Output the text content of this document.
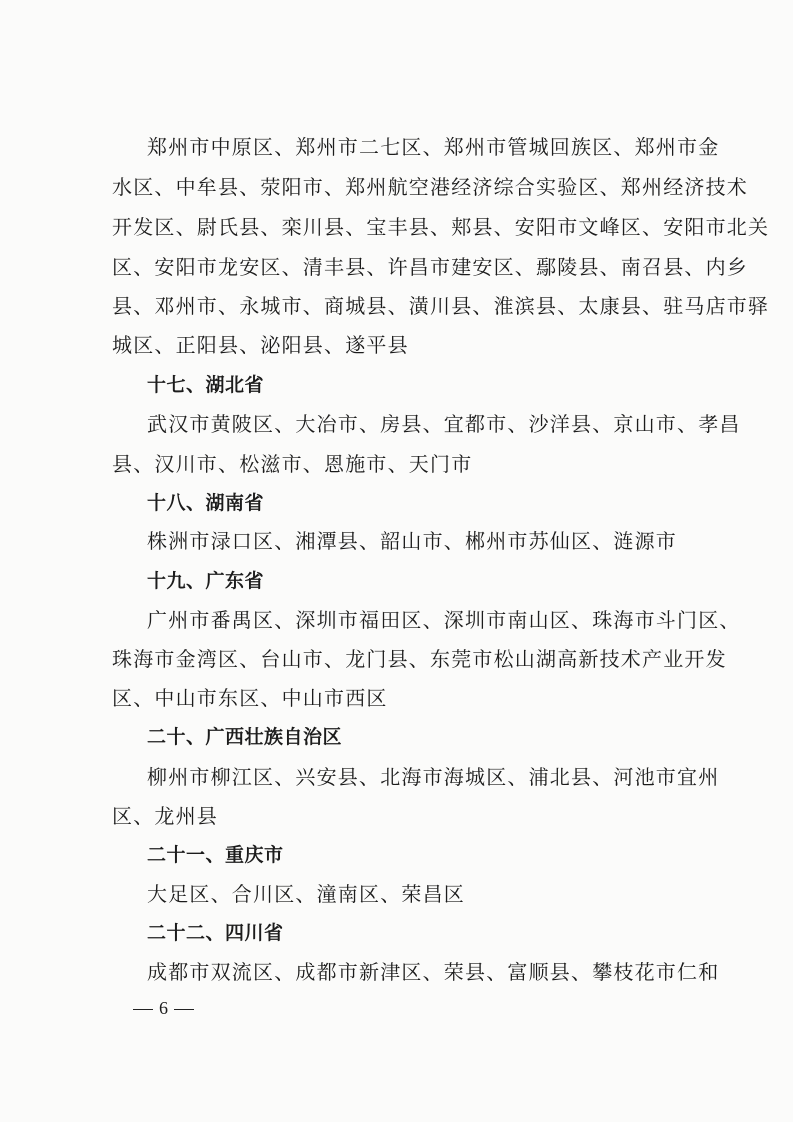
郑州市中原区、郑州市二七区、郑州市管城回族区、郑州市金
水区、中牟县、荥阳市、郑州航空港经济综合实验区、郑州经济技术
开发区、尉氏县、栾川县、宝丰县、郏县、安阳市文峰区、安阳市北关
区、安阳市龙安区、清丰县、许昌市建安区、鄢陵县、南召县、内乡
县、邓州市、永城市、商城县、潢川县、淮滨县、太康县、驻马店市驿
城区、正阳县、泌阳县、遂平县
十七、湖北省
武汉市黄陂区、大冶市、房县、宜都市、沙洋县、京山市、孝昌
县、汉川市、松滋市、恩施市、天门市
十八、湖南省
株洲市渌口区、湘潭县、韶山市、郴州市苏仙区、涟源市
十九、广东省
广州市番禺区、深圳市福田区、深圳市南山区、珠海市斗门区、
珠海市金湾区、台山市、龙门县、东莞市松山湖高新技术产业开发
区、中山市东区、中山市西区
二十、广西壮族自治区
柳州市柳江区、兴安县、北海市海城区、浦北县、河池市宜州
区、龙州县
二十一、重庆市
大足区、合川区、潼南区、荣昌区
二十二、四川省
成都市双流区、成都市新津区、荣县、富顺县、攀枝花市仁和
6
